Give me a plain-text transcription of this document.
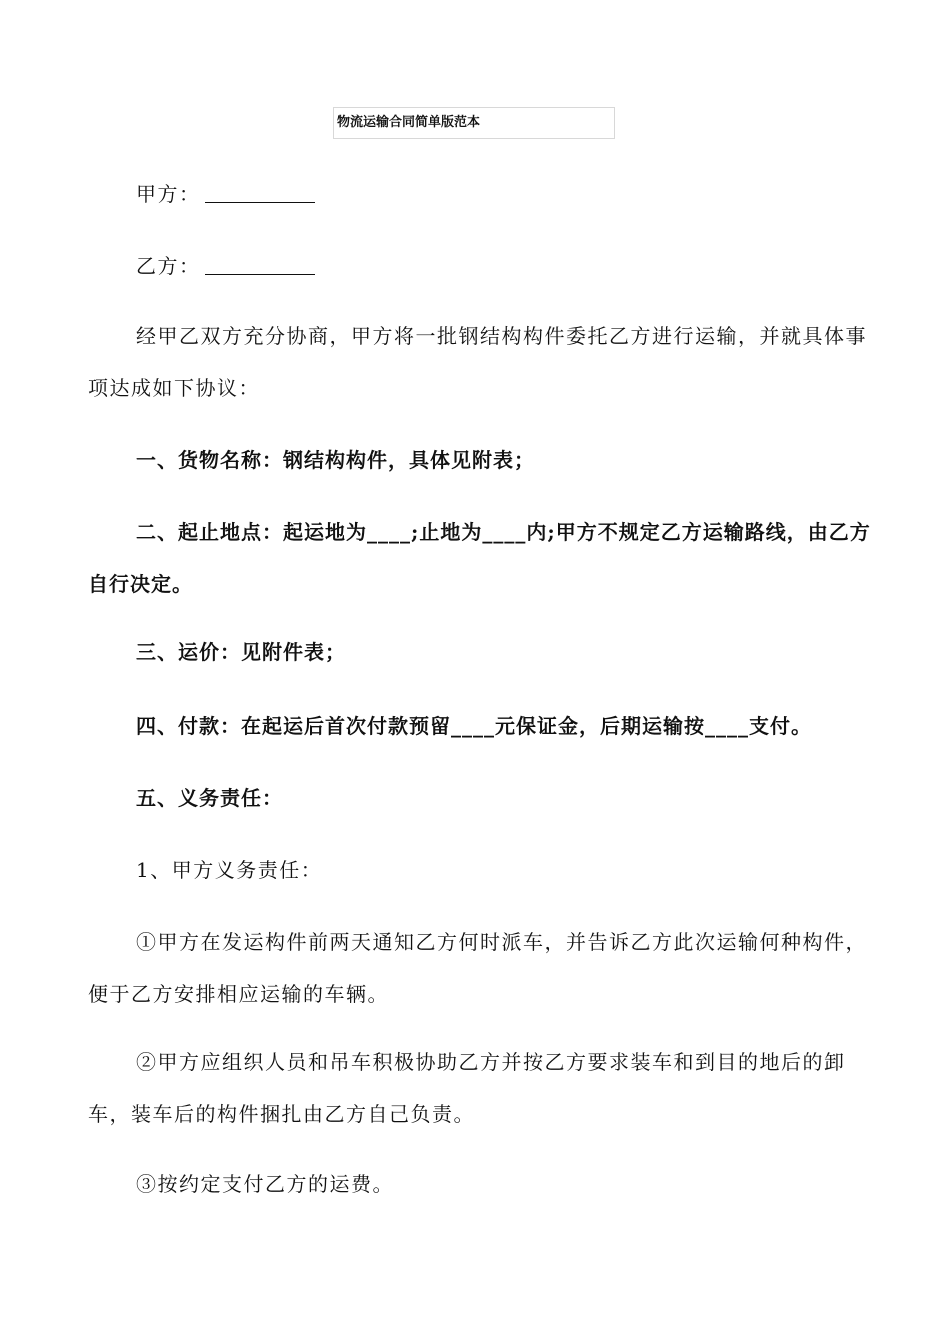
物流运输合同简单版范本

甲方：

乙方：

经甲乙双方充分协商，甲方将一批钢结构构件委托乙方进行运输，并就具体事项达成如下协议：

一、货物名称：钢结构构件，具体见附表；

二、起止地点：起运地为____;止地为____内;甲方不规定乙方运输路线，由乙方自行决定。

三、运价：见附件表；

四、付款：在起运后首次付款预留____元保证金，后期运输按____支付。

五、义务责任：

1、甲方义务责任：

①甲方在发运构件前两天通知乙方何时派车，并告诉乙方此次运输何种构件，便于乙方安排相应运输的车辆。

②甲方应组织人员和吊车积极协助乙方并按乙方要求装车和到目的地后的卸车，装车后的构件捆扎由乙方自己负责。

③按约定支付乙方的运费。
